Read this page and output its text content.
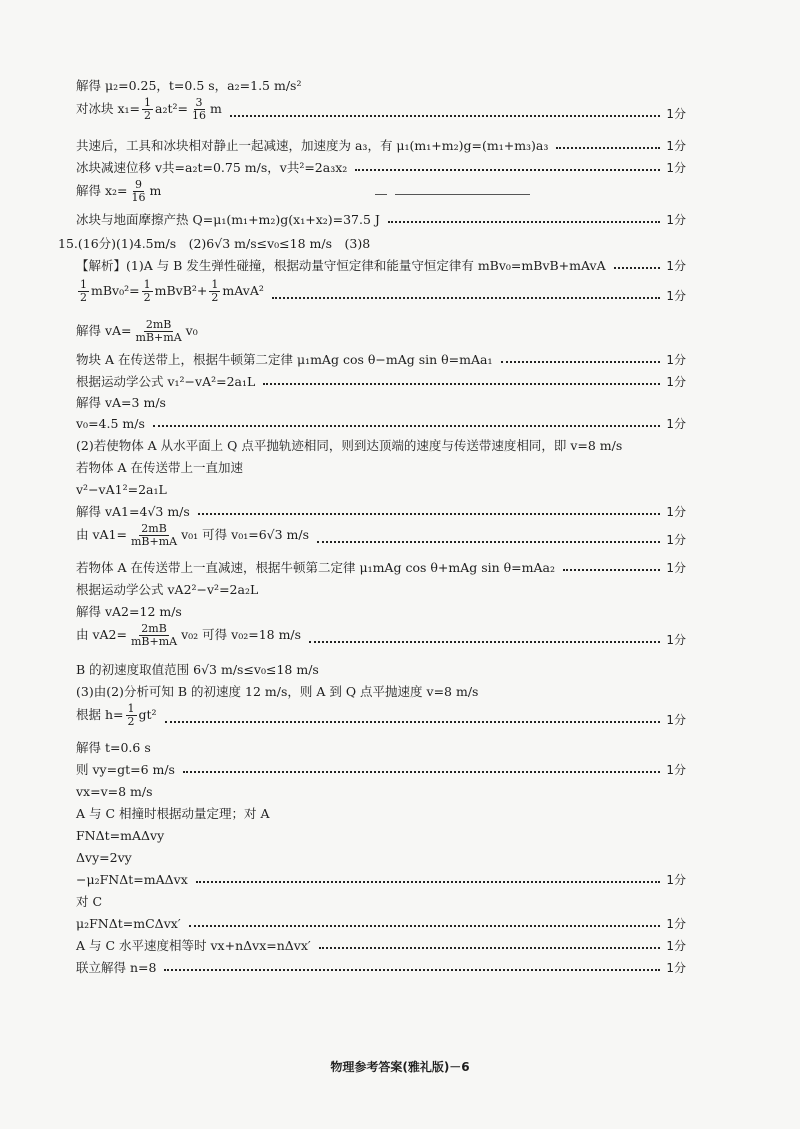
解得 μ₂=0.25，t=0.5 s，a₂=1.5 m/s²
对冰块 $x_1= \frac{1}{2} a_2t^2= \frac{3}{16}$ m	1分
共速后，工具和冰块相对静止一起减速，加速度为 a₃，有 μ₁(m₁+m₂)g=(m₁+m₃)a₃	1分
冰块减速位移 v共=a₂t=0.75 m/s，v共²=2a₃x₂	1分
解得 $x_2= \frac{9}{16}$ m
冰块与地面摩擦产热 Q=μ₁(m₁+m₂)g(x₁+x₂)=37.5 J	1分
15.(16分)(1)4.5m/s　(2)6√3 m/s≤v₀≤18 m/s　(3)8
【解析】(1)A 与 B 发生弹性碰撞，根据动量守恒定律和能量守恒定律有 mBv₀=mBvB+mAvA	1分
$\frac{1}{2} mBv_0^2= \frac{1}{2}$ mBvB²+ $\frac{1}{2}$ mAvA²	1分
解得 $vA= \frac{2mB}{mB+mA} v_0$
物块 A 在传送带上，根据牛顿第二定律 μ₁mAg cos θ−mAg sin θ=mAa₁	1分
根据运动学公式 v₁²−vA²=2a₁L	1分
解得 vA=3 m/s
v₀=4.5 m/s	1分
(2)若使物体 A 从水平面上 Q 点平抛轨迹相同，则到达顶端的速度与传送带速度相同，即 v=8 m/s
若物体 A 在传送带上一直加速
v²−vA1²=2a₁L
解得 vA1=4√3 m/s	1分
由 $vA1= \frac{2mB}{mB+mA} v_{01}$ 可得 v₀₁=6√3 m/s	1分
若物体 A 在传送带上一直减速，根据牛顿第二定律 μ₁mAg cos θ+mAg sin θ=mAa₂	1分
根据运动学公式 vA2²−v²=2a₂L
解得 vA2=12 m/s
由 $vA2= \frac{2mB}{mB+mA} v_{02}$ 可得 v₀₂=18 m/s	1分
B 的初速度取值范围 6√3 m/s≤v₀≤18 m/s
(3)由(2)分析可知 B 的初速度 12 m/s，则 A 到 Q 点平抛速度 v=8 m/s
根据 $h= \frac{1}{2} gt^2$	1分
解得 t=0.6 s
则 vy=gt=6 m/s	1分
vx=v=8 m/s
A 与 C 相撞时根据动量定理；对 A
FNΔt=mAΔvy
Δvy=2vy
−μ₂FNΔt=mAΔvx	1分
对 C
μ₂FNΔt=mCΔvx′	1分
A 与 C 水平速度相等时 vx+nΔvx=nΔvx′	1分
联立解得 n=8	1分
物理参考答案(雅礼版)－6
